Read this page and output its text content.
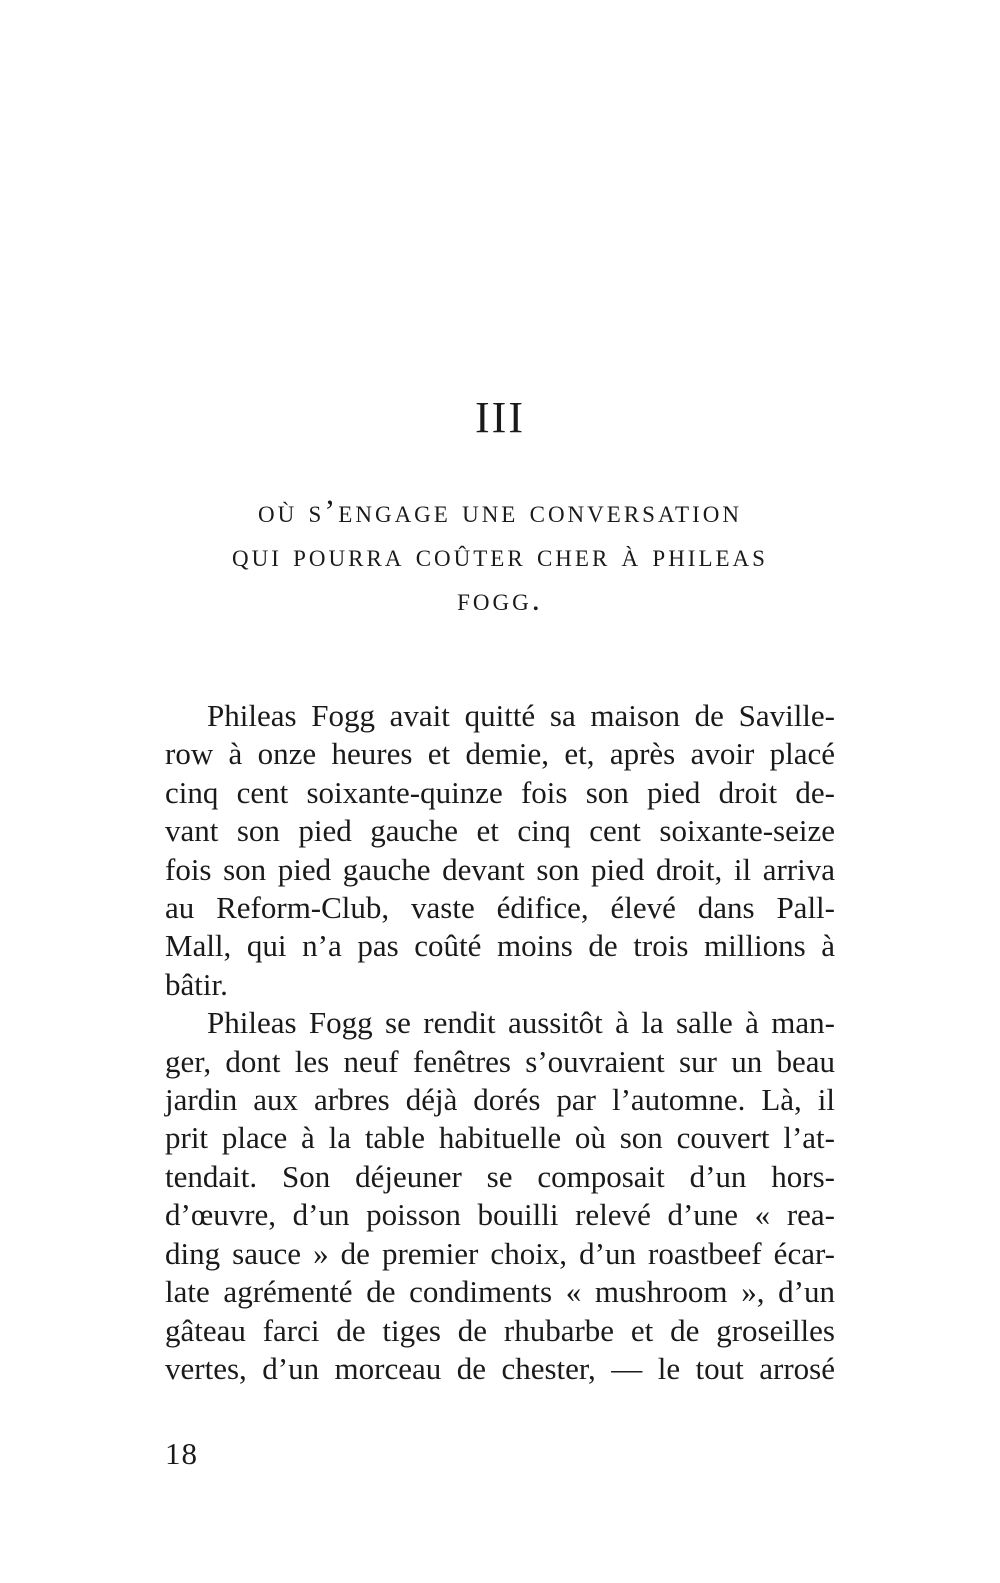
III
où s’engage une conversation
qui pourra coûter cher à phileas
fogg.
Phileas Fogg avait quitté sa maison de Saville-
row à onze heures et demie, et, après avoir placé
cinq cent soixante-quinze fois son pied droit de-
vant son pied gauche et cinq cent soixante-seize
fois son pied gauche devant son pied droit, il arriva
au Reform-Club, vaste édifice, élevé dans Pall-
Mall, qui n’a pas coûté moins de trois millions à
bâtir.
Phileas Fogg se rendit aussitôt à la salle à man-
ger, dont les neuf fenêtres s’ouvraient sur un beau
jardin aux arbres déjà dorés par l’automne. Là, il
prit place à la table habituelle où son couvert l’at-
tendait. Son déjeuner se composait d’un hors-
d’œuvre, d’un poisson bouilli relevé d’une « rea-
ding sauce » de premier choix, d’un roastbeef écar-
late agrémenté de condiments « mushroom », d’un
gâteau farci de tiges de rhubarbe et de groseilles
vertes, d’un morceau de chester, — le tout arrosé
18
